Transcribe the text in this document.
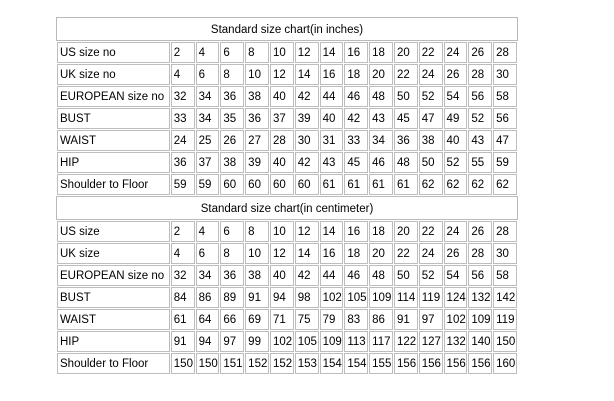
Standard size chart(in inches)
US size no	2	4	6	8	10	12	14	16	18	20	22	24	26	28
UK size no	4	6	8	10	12	14	16	18	20	22	24	26	28	30
EUROPEAN size no	32	34	36	38	40	42	44	46	48	50	52	54	56	58
BUST	33	34	35	36	37	39	40	42	43	45	47	49	52	56
WAIST	24	25	26	27	28	30	31	33	34	36	38	40	43	47
HIP	36	37	38	39	40	42	43	45	46	48	50	52	55	59
Shoulder to Floor	59	59	60	60	60	60	61	61	61	61	62	62	62	62
Standard size chart(in centimeter)
US size	2	4	6	8	10	12	14	16	18	20	22	24	26	28
UK size	4	6	8	10	12	14	16	18	20	22	24	26	28	30
EUROPEAN size no	32	34	36	38	40	42	44	46	48	50	52	54	56	58
BUST	84	86	89	91	94	98	102	105	109	114	119	124	132	142
WAIST	61	64	66	69	71	75	79	83	86	91	97	102	109	119
HIP	91	94	97	99	102	105	109	113	117	122	127	132	140	150
Shoulder to Floor	150	150	151	152	152	153	154	154	155	156	156	156	156	160
